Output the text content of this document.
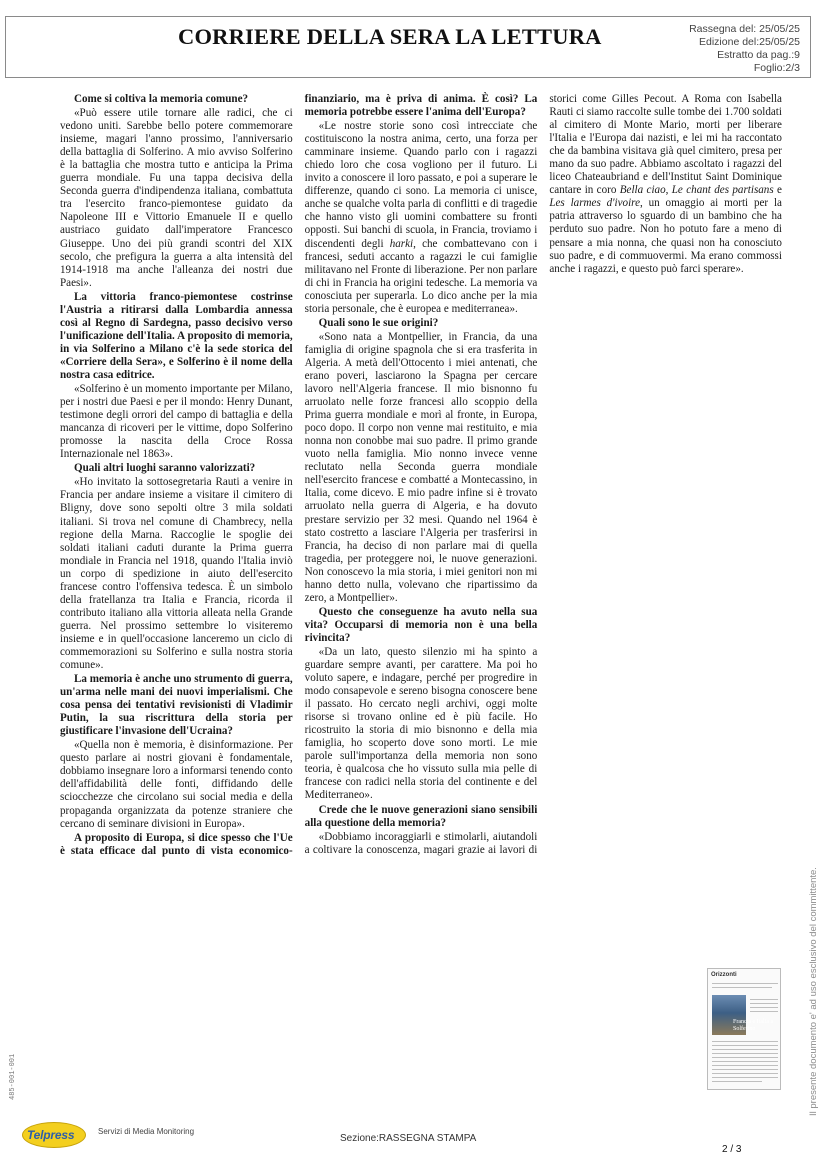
CORRIERE DELLA SERA LA LETTURA	Rassegna del: 25/05/25
Edizione del:25/05/25
Estratto da pag.:9
Foglio:2/3

Come si coltiva la memoria comune?

«Può essere utile tornare alle radici, che ci vedono uniti. Sarebbe bello potere commemorare insieme, magari l'anno prossimo, l'anniversario della battaglia di Solferino. A mio avviso Solferino è la battaglia che mostra tutto e anticipa la Prima guerra mondiale. Fu una tappa decisiva della Seconda guerra d'indipendenza italiana, combattuta tra l'esercito franco-piemontese guidato da Napoleone III e Vittorio Emanuele II e quello austriaco guidato dall'imperatore Francesco Giuseppe. Uno dei più grandi scontri del XIX secolo, che prefigura la guerra a alta intensità del 1914-1918 ma anche l'alleanza dei nostri due Paesi».

La vittoria franco-piemontese costrinse l'Austria a ritirarsi dalla Lombardia annessa così al Regno di Sardegna, passo decisivo verso l'unificazione dell'Italia. A proposito di memoria, in via Solferino a Milano c'è la sede storica del «Corriere della Sera», e Solferino è il nome della nostra casa editrice.

«Solferino è un momento importante per Milano, per i nostri due Paesi e per il mondo: Henry Dunant, testimone degli orrori del campo di battaglia e della mancanza di ricoveri per le vittime, dopo Solferino promosse la nascita della Croce Rossa Internazionale nel 1863».

Quali altri luoghi saranno valorizzati?

«Ho invitato la sottosegretaria Rauti a venire in Francia per andare insieme a visitare il cimitero di Bligny, dove sono sepolti oltre 3 mila soldati italiani. Si trova nel comune di Chambrecy, nella regione della Marna. Raccoglie le spoglie dei soldati italiani caduti durante la Prima guerra mondiale in Francia nel 1918, quando l'Italia inviò un corpo di spedizione in aiuto dell'esercito francese contro l'offensiva tedesca. È un simbolo della fratellanza tra Italia e Francia, ricorda il contributo italiano alla vittoria alleata nella Grande guerra. Nel prossimo settembre lo visiteremo insieme e in quell'occasione lanceremo un ciclo di commemorazioni su Solferino e sulla nostra storia comune».

La memoria è anche uno strumento di guerra, un'arma nelle mani dei nuovi imperialismi. Che cosa pensa dei tentativi revisionisti di Vladimir Putin, la sua riscrittura della storia per giustificare l'invasione dell'Ucraina?

«Quella non è memoria, è disinformazione. Per questo parlare ai nostri giovani è fondamentale, dobbiamo insegnare loro a informarsi tenendo conto dell'affidabilità delle fonti, diffidando delle sciocchezze che circolano sui social media e della propaganda organizzata da potenze straniere che cercano di seminare divisioni in Europa».

A proposito di Europa, si dice spesso che l'Ue è stata efficace dal punto di vista economico-finanziario, ma è priva di anima. È così? La memoria potrebbe essere l'anima dell'Europa?

«Le nostre storie sono così intrecciate che costituiscono la nostra anima, certo, una forza per camminare insieme. Quando parlo con i ragazzi chiedo loro che cosa vogliono per il futuro. Li invito a conoscere il loro passato, e poi a superare le differenze, quando ci sono. La memoria ci unisce, anche se qualche volta parla di conflitti e di tragedie che hanno visto gli uomini combattere su fronti opposti. Sui banchi di scuola, in Francia, troviamo i discendenti degli harki, che combattevano con i francesi, seduti accanto a ragazzi le cui famiglie militavano nel Fronte di liberazione. Per non parlare di chi in Francia ha origini tedesche. La memoria va conosciuta per superarla. Lo dico anche per la mia storia personale, che è europea e mediterranea».

Quali sono le sue origini?

«Sono nata a Montpellier, in Francia, da una famiglia di origine spagnola che si era trasferita in Algeria. A metà dell'Ottocento i miei antenati, che erano poveri, lasciarono la Spagna per cercare lavoro nell'Algeria francese. Il mio bisnonno fu arruolato nelle forze francesi allo scoppio della Prima guerra mondiale e morì al fronte, in Europa, poco dopo. Il corpo non venne mai restituito, e mia nonna non conobbe mai suo padre. Il primo grande vuoto nella famiglia. Mio nonno invece venne reclutato nella Seconda guerra mondiale nell'esercito francese e combatté a Montecassino, in Italia, come dicevo. E mio padre infine si è trovato arruolato nella guerra di Algeria, e ha dovuto prestare servizio per 32 mesi. Quando nel 1964 è stato costretto a lasciare l'Algeria per trasferirsi in Francia, ha deciso di non parlare mai di quella tragedia, per proteggere noi, le nuove generazioni. Non conoscevo la mia storia, i miei genitori non mi hanno detto nulla, volevano che ripartissimo da zero, a Montpellier».

Questo che conseguenze ha avuto nella sua vita? Occuparsi di memoria non è una bella rivincita?

«Da un lato, questo silenzio mi ha spinto a guardare sempre avanti, per carattere. Ma poi ho voluto sapere, e indagare, perché per progredire in modo consapevole e sereno bisogna conoscere bene il passato. Ho cercato negli archivi, oggi molte risorse si trovano online ed è più facile. Ho ricostruito la storia di mio bisnonno e della mia famiglia, ho scoperto dove sono morti. Le mie parole sull'importanza della memoria non sono teoria, è qualcosa che ho vissuto sulla mia pelle di francese con radici nella storia del continente e del Mediterraneo».

Crede che le nuove generazioni siano sensibili alla questione della memoria?

«Dobbiamo incoraggiarli e stimolarli, aiutandoli a coltivare la conoscenza, magari grazie ai lavori di storici come Gilles Pecout. A Roma con Isabella Rauti ci siamo raccolte sulle tombe dei 1.700 soldati al cimitero di Monte Mario, morti per liberare l'Italia e l'Europa dai nazisti, e lei mi ha raccontato che da bambina visitava già quel cimitero, presa per mano da suo padre. Abbiamo ascoltato i ragazzi del liceo Chateaubriand e dell'Institut Saint Dominique cantare in coro Bella ciao, Le chant des partisans e Les larmes d'ivoire, un omaggio ai morti per la patria attraverso lo sguardo di un bambino che ha perduto suo padre. Non ho potuto fare a meno di pensare a mia nonna, che quasi non ha conosciuto suo padre, e di commuovermi. Ma erano commossi anche i ragazzi, e questo può farci sperare».

Orizzonti
Francia e Italia a Solferino	Il presente documento e' ad uso esclusivo del committente.
485-001-001
Telpress	Servizi di Media Monitoring
Sezione:RASSEGNA STAMPA
2 / 3
